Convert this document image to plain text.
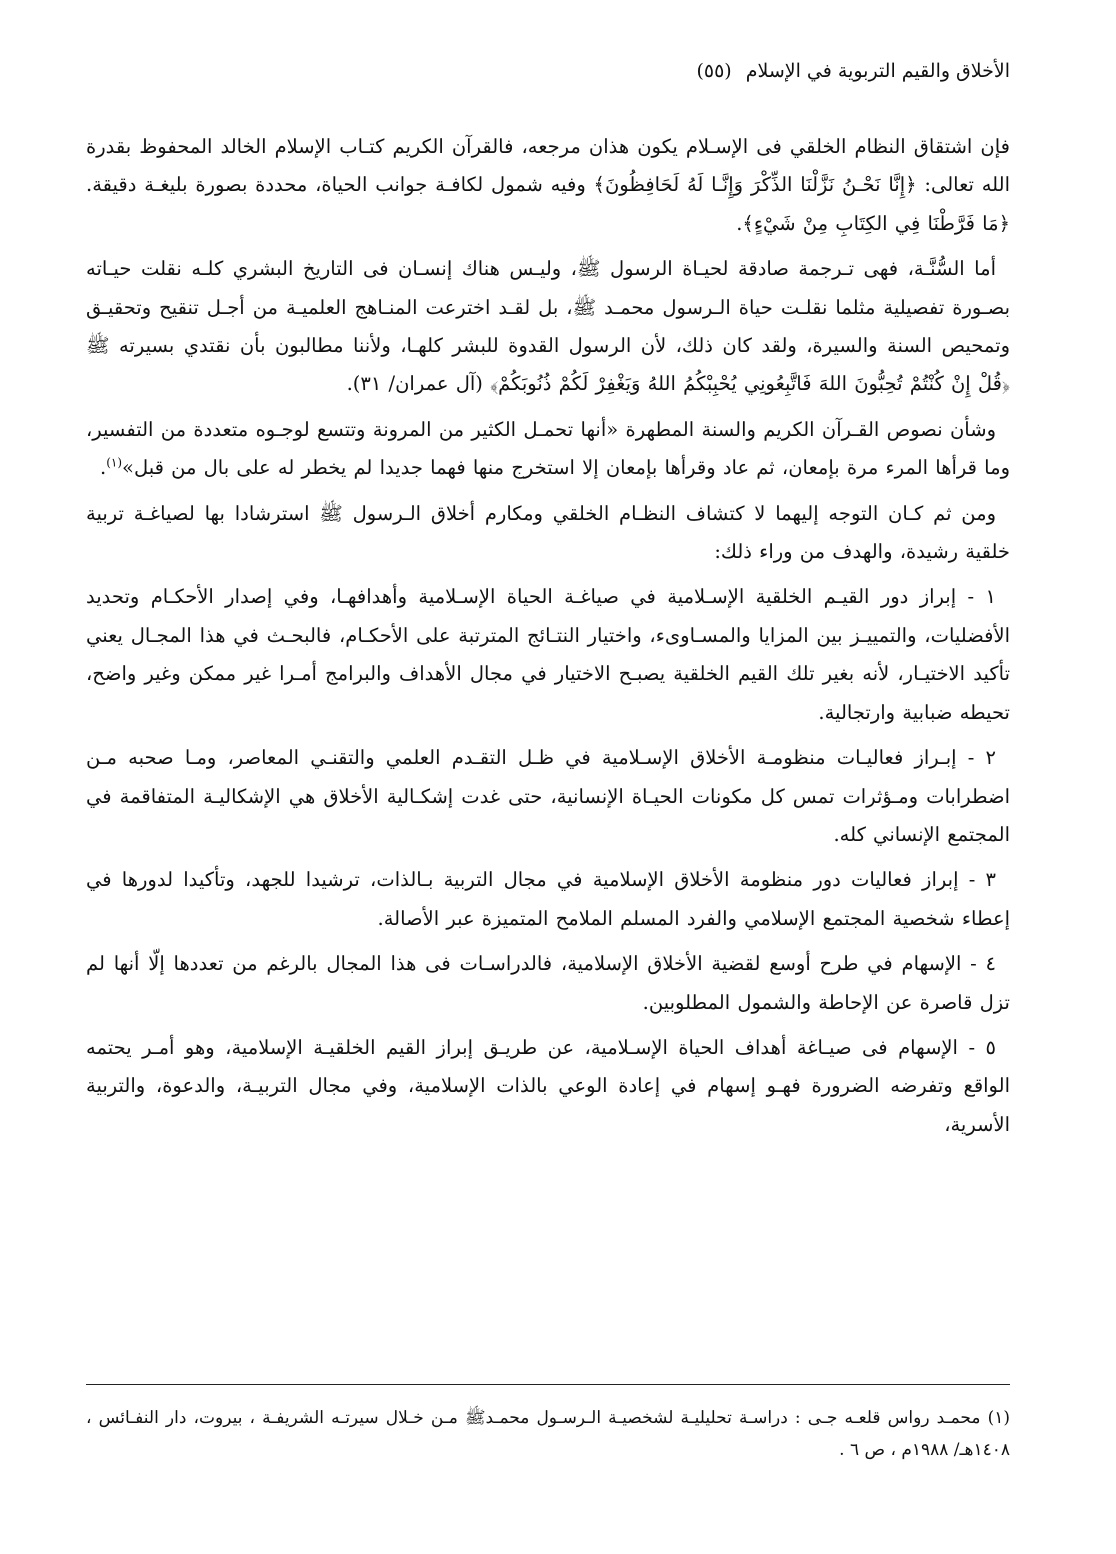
الأخلاق والقيم التربوية في الإسلام (٥٥)

فإن اشتقاق النظام الخلقي فى الإسـلام يكون هذان مرجعه، فالقرآن الكريم كتـاب الإسلام الخالد المحفوظ بقدرة الله تعالى: ﴿إِنَّا نَحْـنُ نَزَّلْنَا الذِّكْرَ وَإِنَّـا لَهُ لَحَافِظُونَ﴾ وفيه شمول لكافـة جوانب الحياة، محددة بصورة بليغـة دقيقة. ﴿مَا فَرَّطْنَا فِي الكِتَابِ مِنْ شَيْءٍ﴾.

أما السُّنَّـة، فهى تـرجمة صادقة لحيـاة الرسول ﷺ، وليـس هناك إنسـان فى التاريخ البشري كلـه نقلت حيـاته بصـورة تفصيلية مثلما نقلـت حياة الـرسول محمـد ﷺ، بل لقـد اخترعت المنـاهج العلميـة من أجـل تنقيح وتحقيـق وتمحيص السنة والسيرة، ولقد كان ذلك، لأن الرسول القدوة للبشر كلهـا، ولأننا مطالبون بأن نقتدي بسيرته ﷺ ﴿قُلْ إِنْ كُنْتُمْ تُحِبُّونَ اللهَ فَاتَّبِعُونِي يُحْبِبْكُمُ اللهُ وَيَغْفِرْ لَكُمْ ذُنُوبَكُمْ﴾ (آل عمران/ ٣١).

وشأن نصوص القـرآن الكريم والسنة المطهرة «أنها تحمـل الكثير من المرونة وتتسع لوجـوه متعددة من التفسير، وما قرأها المرء مرة بإمعان، ثم عاد وقرأها بإمعان إلا استخرج منها فهما جديدا لم يخطر له على بال من قبل»$^{(١)}$.

ومن ثم كـان التوجه إليهما لا كتشاف النظـام الخلقي ومكارم أخلاق الـرسول ﷺ استرشادا بها لصياغـة تربية خلقية رشيدة، والهدف من وراء ذلك:

١ - إبراز دور القيـم الخلقية الإسـلامية في صياغـة الحياة الإسـلامية وأهدافهـا، وفي إصدار الأحكـام وتحديد الأفضليات، والتمييـز بين المزايا والمسـاوىء، واختيار النتـائج المترتبة على الأحكـام، فالبحـث في هذا المجـال يعني تأكيد الاختيـار، لأنه بغير تلك القيم الخلقية يصبـح الاختيار في مجال الأهداف والبرامج أمـرا غير ممكن وغير واضح، تحيطه ضبابية وارتجالية.

٢ - إبـراز فعاليـات منظومـة الأخلاق الإسـلامية في ظـل التقـدم العلمي والتقنـي المعاصر، ومـا صحبه مـن اضطرابات ومـؤثرات تمس كل مكونات الحيـاة الإنسانية، حتى غدت إشكـالية الأخلاق هي الإشكاليـة المتفاقمة في المجتمع الإنساني كله.

٣ - إبراز فعاليات دور منظومة الأخلاق الإسلامية في مجال التربية بـالذات، ترشيدا للجهد، وتأكيدا لدورها في إعطاء شخصية المجتمع الإسلامي والفرد المسلم الملامح المتميزة عبر الأصالة.

٤ - الإسهام في طرح أوسع لقضية الأخلاق الإسلامية، فالدراسـات فى هذا المجال بالرغم من تعددها إلّا أنها لم تزل قاصرة عن الإحاطة والشمول المطلوبين.

٥ - الإسهام فى صيـاغة أهداف الحياة الإسـلامية، عن طريـق إبراز القيم الخلقيـة الإسلامية، وهو أمـر يحتمه الواقع وتفرضه الضرورة فهـو إسهام في إعادة الوعي بالذات الإسلامية، وفي مجال التربيـة، والدعوة، والتربية الأسرية،

(١) محمـد رواس قلعـه جـى : دراسـة تحليليـة لشخصيـة الـرسـول محمـدﷺ مـن خـلال سيرتـه الشريفـة ، بيروت، دار النفـائس ، ١٤٠٨هـ/ ١٩٨٨م ، ص ٦ .
